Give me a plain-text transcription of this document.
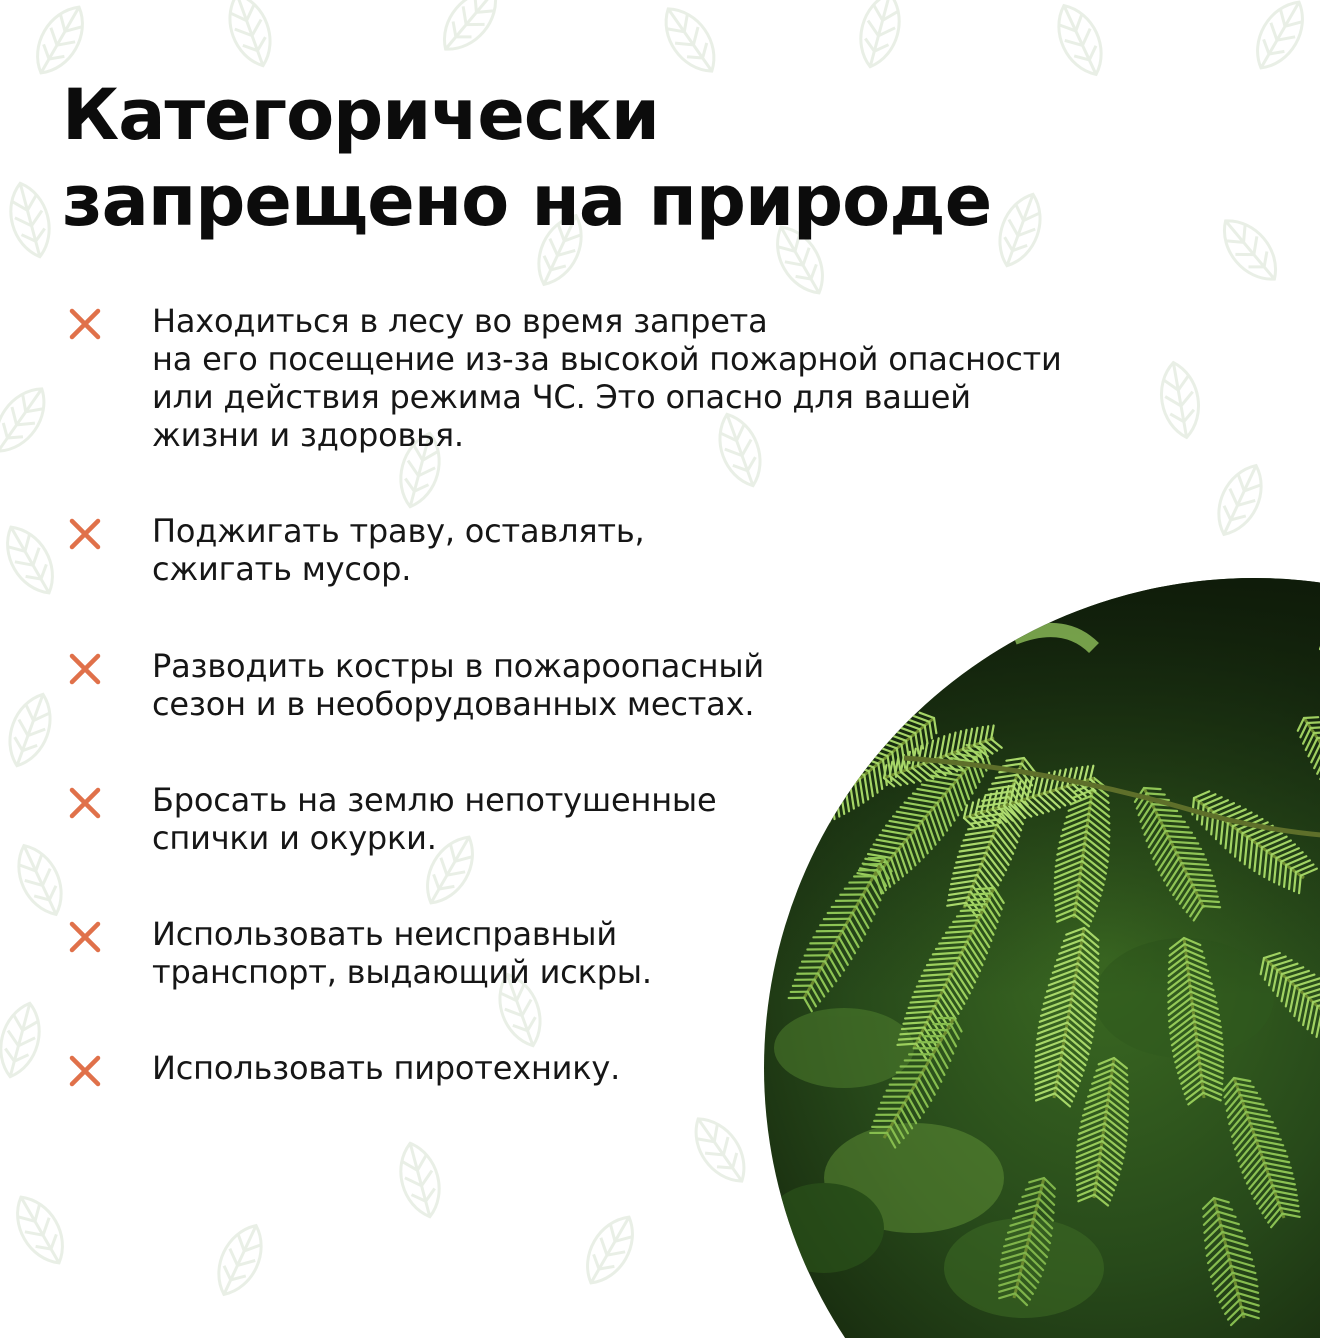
Категорически
запрещено на природе
Находиться в лесу во время запрета
на его посещение из-за высокой пожарной опасности
или действия режима ЧС. Это опасно для вашей
жизни и здоровья.
Поджигать траву, оставлять,
сжигать мусор.
Разводить костры в пожароопасный
сезон и в необорудованных местах.
Бросать на землю непотушенные
спички и окурки.
Использовать неисправный
транспорт, выдающий искры.
Использовать пиротехнику.
